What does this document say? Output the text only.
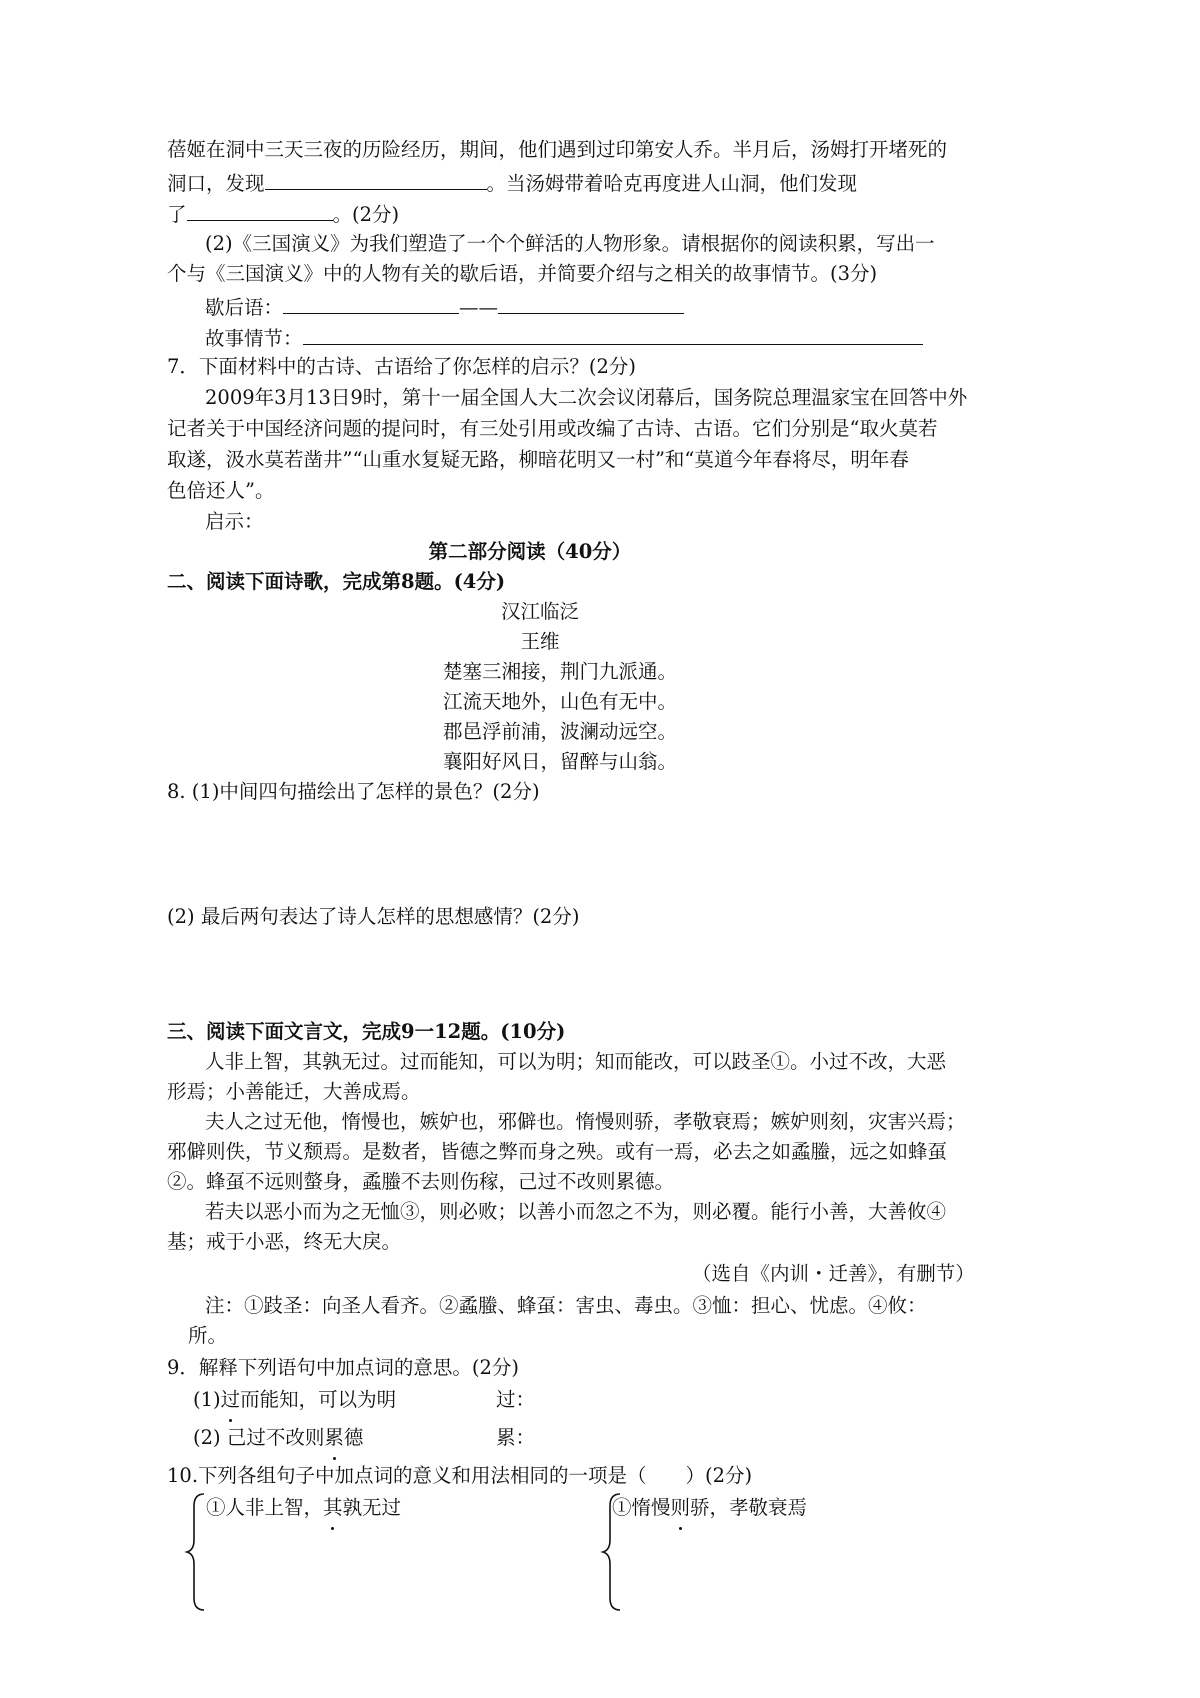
蓓姬在洞中三天三夜的历险经历，期间，他们遇到过印第安人乔。半月后，汤姆打开堵死的
洞口，发现	。当汤姆带着哈克再度进人山洞，他们发现
了	。(2分)
(2)《三国演义》为我们塑造了一个个鲜活的人物形象。请根据你的阅读积累，写出一
个与《三国演义》中的人物有关的歇后语，并简要介绍与之相关的故事情节。(3分)
歇后语：	——
故事情节：
7．下面材料中的古诗、古语给了你怎样的启示？(2分)
2009年3月13日9时，第十一届全国人大二次会议闭幕后，国务院总理温家宝在回答中外
记者关于中国经济问题的提问时，有三处引用或改编了古诗、古语。它们分别是“取火莫若
取遂，汲水莫若凿井”“山重水复疑无路，柳暗花明又一村”和“莫道今年春将尽，明年春
色倍还人”。
启示：
第二部分阅读（40分）
二、阅读下面诗歌，完成第8题。(4分)
汉江临泛
王维
楚塞三湘接，荆门九派通。
江流天地外，山色有无中。
郡邑浮前浦，波澜动远空。
襄阳好风日，留醉与山翁。
8. (1)中间四句描绘出了怎样的景色？(2分)
(2) 最后两句表达了诗人怎样的思想感情？(2分)
三、阅读下面文言文，完成9一12题。(10分)
人非上智，其孰无过。过而能知，可以为明；知而能改，可以跂圣①。小过不改，大恶
形焉；小善能迁，大善成焉。
夫人之过无他，惰慢也，嫉妒也，邪僻也。惰慢则骄，孝敬衰焉；嫉妒则刻，灾害兴焉；
邪僻则佚，节义颓焉。是数者，皆德之弊而身之殃。或有一焉，必去之如蟊螣，远之如蜂虿
②。蜂虿不远则螫身，蟊螣不去则伤稼，己过不改则累德。
若夫以恶小而为之无恤③，则必败；以善小而忽之不为，则必覆。能行小善，大善攸④
基；戒于小恶，终无大戾。
（选自《内训・迁善》，有删节）
注：①跂圣：向圣人看齐。②蟊螣、蜂虿：害虫、毒虫。③恤：担心、忧虑。④攸：
所。
9．解释下列语句中加点词的意思。(2分)
(1)过而能知，可以为明	过：
(2) 己过不改则累德	累：
10.下列各组句子中加点词的意义和用法相同的一项是（　　）(2分)
①人非上智，其孰无过	①惰慢则骄，孝敬衰焉
